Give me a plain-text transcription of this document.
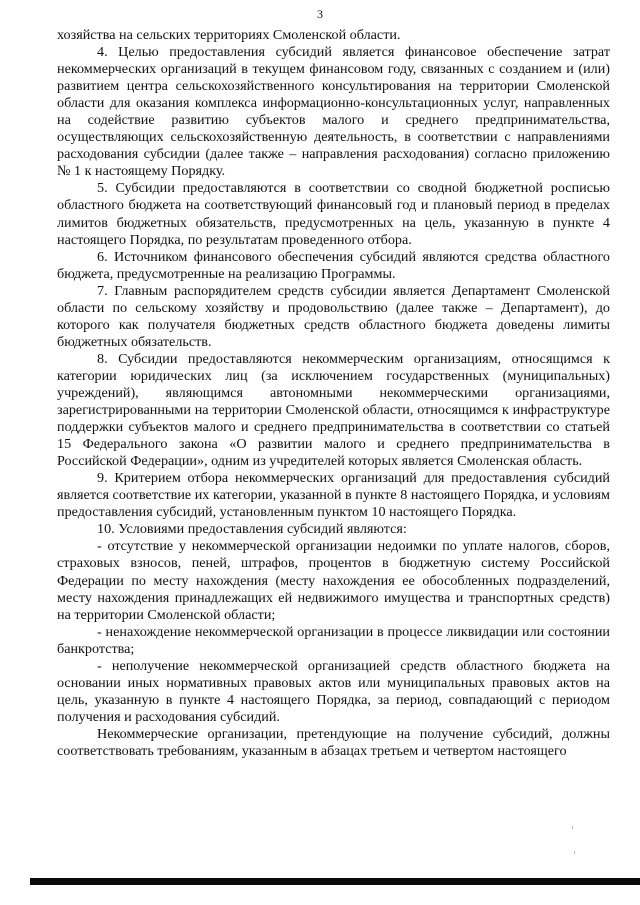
3

хозяйства на сельских территориях Смоленской области.

4. Целью предоставления субсидий является финансовое обеспечение затрат некоммерческих организаций в текущем финансовом году, связанных с созданием и (или) развитием центра сельскохозяйственного консультирования на территории Смоленской области для оказания комплекса информационно-консультационных услуг, направленных на содействие развитию субъектов малого и среднего предпринимательства, осуществляющих сельскохозяйственную деятельность, в соответствии с направлениями расходования субсидии (далее также – направления расходования) согласно приложению № 1 к настоящему Порядку.

5. Субсидии предоставляются в соответствии со сводной бюджетной росписью областного бюджета на соответствующий финансовый год и плановый период в пределах лимитов бюджетных обязательств, предусмотренных на цель, указанную в пункте 4 настоящего Порядка, по результатам проведенного отбора.

6. Источником финансового обеспечения субсидий являются средства областного бюджета, предусмотренные на реализацию Программы.

7. Главным распорядителем средств субсидии является Департамент Смоленской области по сельскому хозяйству и продовольствию (далее также – Департамент), до которого как получателя бюджетных средств областного бюджета доведены лимиты бюджетных обязательств.

8. Субсидии предоставляются некоммерческим организациям, относящимся к категории юридических лиц (за исключением государственных (муниципальных) учреждений), являющимся автономными некоммерческими организациями, зарегистрированными на территории Смоленской области, относящимся к инфраструктуре поддержки субъектов малого и среднего предпринимательства в соответствии со статьей 15 Федерального закона «О развитии малого и среднего предпринимательства в Российской Федерации», одним из учредителей которых является Смоленская область.

9. Критерием отбора некоммерческих организаций для предоставления субсидий является соответствие их категории, указанной в пункте 8 настоящего Порядка, и условиям предоставления субсидий, установленным пунктом 10 настоящего Порядка.

10. Условиями предоставления субсидий являются:

- отсутствие у некоммерческой организации недоимки по уплате налогов, сборов, страховых взносов, пеней, штрафов, процентов в бюджетную систему Российской Федерации по месту нахождения (месту нахождения ее обособленных подразделений, месту нахождения принадлежащих ей недвижимого имущества и транспортных средств) на территории Смоленской области;

- ненахождение некоммерческой организации в процессе ликвидации или состоянии банкротства;

- неполучение некоммерческой организацией средств областного бюджета на основании иных нормативных правовых актов или муниципальных правовых актов на цель, указанную в пункте 4 настоящего Порядка, за период, совпадающий с периодом получения и расходования субсидий.

Некоммерческие организации, претендующие на получение субсидий, должны соответствовать требованиям, указанным в абзацах третьем и четвертом настоящего
